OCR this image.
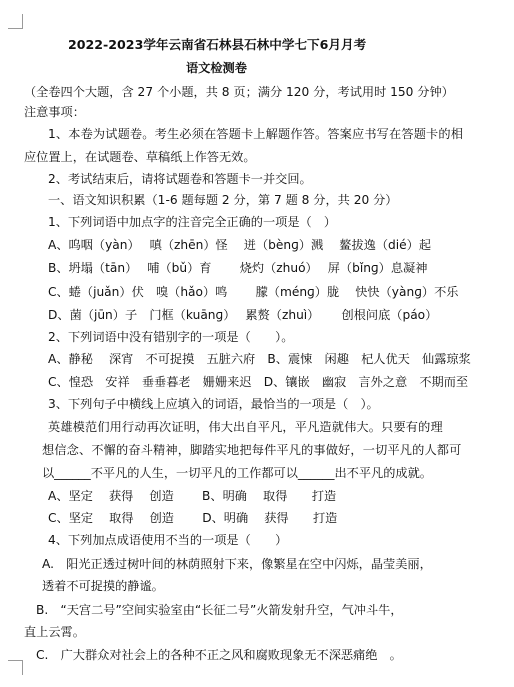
2022-2023学年云南省石林县石林中学七下6月月考
语文检测卷
（全卷四个大题，含 27 个小题，共 8 页；满分 120 分，考试用时 150 分钟）
注意事项：
1、本卷为试题卷。考生必须在答题卡上解题作答。答案应书写在答题卡的相
应位置上，在试题卷、草稿纸上作答无效。
2、考试结束后，请将试题卷和答题卡一并交回。
一、语文知识积累（1-6 题每题 2 分，第 7 题 8 分，共 20 分）
1、下列词语中加点字的注音完全正确的一项是（　）
A、呜咽（yàn）　 嗔（zhēn）怪　 迸（bènɡ）溅　 鳌拔逸（dié）起
B、坍塌（tān）　 哺（bǔ）育　　 烧灼（zhuó）　 屏（bǐnɡ）息凝神
C、蜷（juǎn）伏　嗅（hǎo）鸣　　 朦（ménɡ）胧　 快快（yànɡ）不乐
D、菌（jūn）子　门框（kuānɡ）　 累赘（zhuì）　　 创根问底（páo）
2、下列词语中没有错别字的一项是（　　）。
A、静秘　 深宵　不可捉摸　五脏六府　B、震悚　闲趣　杞人优天　仙露琼浆
C、惶恐　安祥　垂垂暮老　姗姗来迟　D、镶嵌　幽寂　言外之意　不期而至
3、下列句子中横线上应填入的词语，最恰当的一项是（　）。
英雄模范们用行动再次证明，伟大出自平凡，平凡造就伟大。只要有的理
想信念、不懈的奋斗精神，脚踏实地把每件平凡的事做好，一切平凡的人都可
以______不平凡的人生，一切平凡的工作都可以______出不平凡的成就。
A、坚定　 获得　 创造　　 B、明确　 取得　　打造
C、坚定　 取得　 创造　　 D、明确　 获得　　打造
4、下列加点成语使用不当的一项是（　　）
A.　阳光正透过树叶间的林荫照射下来，像繁星在空中闪烁，晶莹美丽，
透着不可捉摸的静谧。
B.　“天宫二号”空间实验室由“长征二号”火箭发射升空，气冲斗牛，
直上云霄。
C.　广大群众对社会上的各种不正之风和腐败现象无不深恶痛绝　。
